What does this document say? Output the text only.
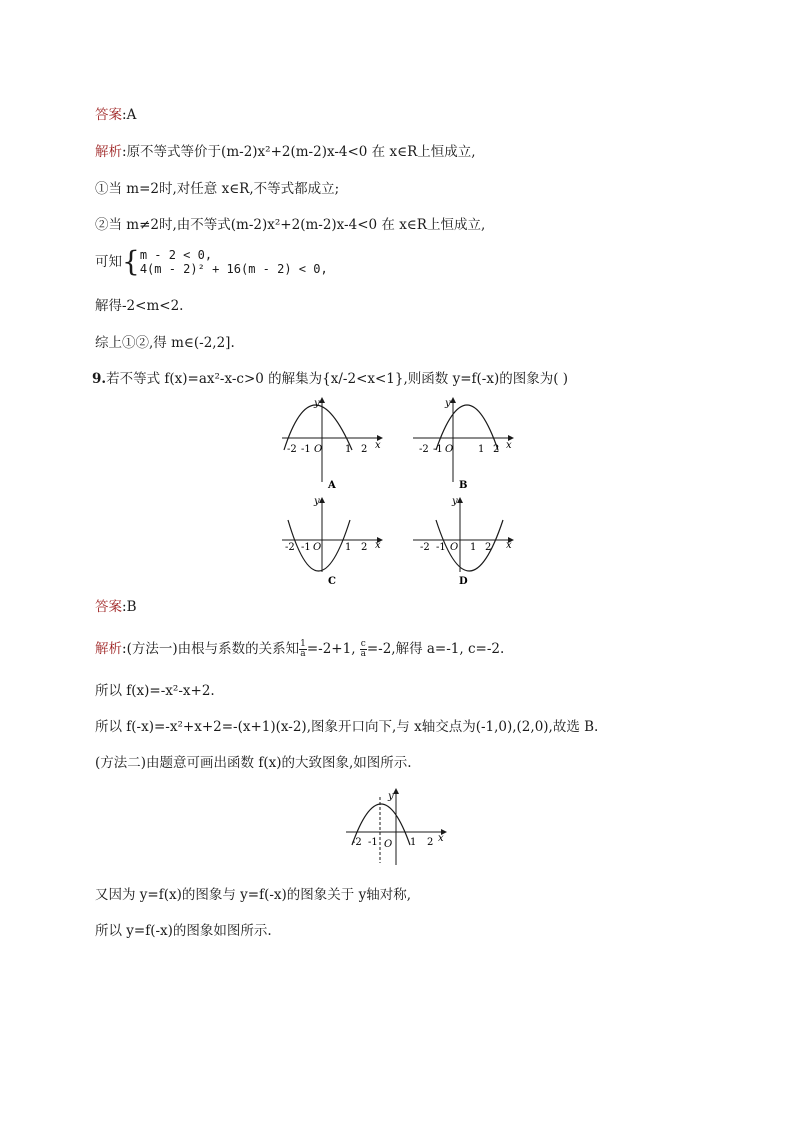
答案:A
解析:原不等式等价于(m-2)x²+2(m-2)x-4<0 在 x∈R上恒成立,
①当 m=2时,对任意 x∈R,不等式都成立;
②当 m≠2时,由不等式(m-2)x²+2(m-2)x-4<0 在 x∈R上恒成立,
可知{ m - 2 < 0,
4(m - 2)² + 16(m - 2) < 0,
解得-2<m<2.
综上①②,得 m∈(-2,2].
9.若不等式 f(x)=ax²-x-c>0 的解集为{x/-2<x<1},则函数 y=f(-x)的图象为( )
y
x
-2 -1 O 1 2
A
y
x
-2 -1 O 1 2
B
y
x
-2 -1 O 1 2
C
y
x
-2 -1 O 1 2
D
答案:B
解析:(方法一)由根与系数的关系知 $\frac{1}{a} =-2+1$, $\frac{c}{a} =-2$,解得 a=-1, c=-2.
所以 f(x)=-x²-x+2.
所以 f(-x)=-x²+x+2=-(x+1)(x-2),图象开口向下,与 x轴交点为(-1,0),(2,0),故选 B.
(方法二)由题意可画出函数 f(x)的大致图象,如图所示.
y
x
-2 -1 O 1 2
又因为 y=f(x)的图象与 y=f(-x)的图象关于 y轴对称,
所以 y=f(-x)的图象如图所示.
